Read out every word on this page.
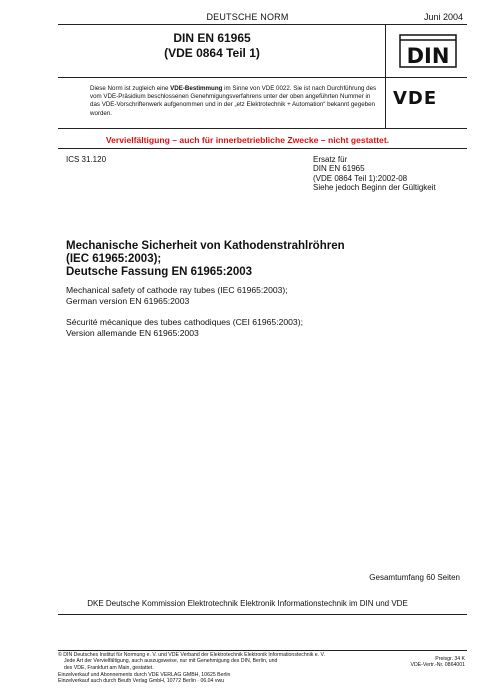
DEUTSCHE NORM	Juni 2004
DIN EN 61965
(VDE 0864 Teil 1)	DIN
Diese Norm ist zugleich eine VDE-Bestimmung im Sinne von VDE 0022. Sie ist nach Durchführung des vom VDE-Präsidium beschlossenen Genehmigungsverfahrens unter der oben angeführten Nummer in das VDE-Vorschriftenwerk aufgenommen und in der „etz Elektrotechnik + Automation“ bekannt gegeben worden.
VDE
Vervielfältigung – auch für innerbetriebliche Zwecke – nicht gestattet.
ICS 31.120	Ersatz für
DIN EN 61965
(VDE 0864 Teil 1):2002-08
Siehe jedoch Beginn der Gültigkeit
Mechanische Sicherheit von Kathodenstrahlröhren
(IEC 61965:2003);
Deutsche Fassung EN 61965:2003
Mechanical safety of cathode ray tubes (IEC 61965:2003);
German version EN 61965:2003
Sécurité mécanique des tubes cathodiques (CEI 61965:2003);
Version allemande EN 61965:2003
Gesamtumfang 60 Seiten
DKE Deutsche Kommission Elektrotechnik Elektronik Informationstechnik im DIN und VDE
© DIN Deutsches Institut für Normung e. V. und VDE Verband der Elektrotechnik Elektronik Informationstechnik e. V.
Jede Art der Vervielfältigung, auch auszugsweise, nur mit Genehmigung des DIN, Berlin, und
des VDE, Frankfurt am Main, gestattet.
Preisgr. 34 K
VDE-Vertr.-Nr. 0864001
Einzelverkauf und Abonnements durch VDE VERLAG GMBH, 10625 Berlin
Einzelverkauf auch durch Beuth Verlag GmbH, 10772 Berlin · 06.04 vwu
